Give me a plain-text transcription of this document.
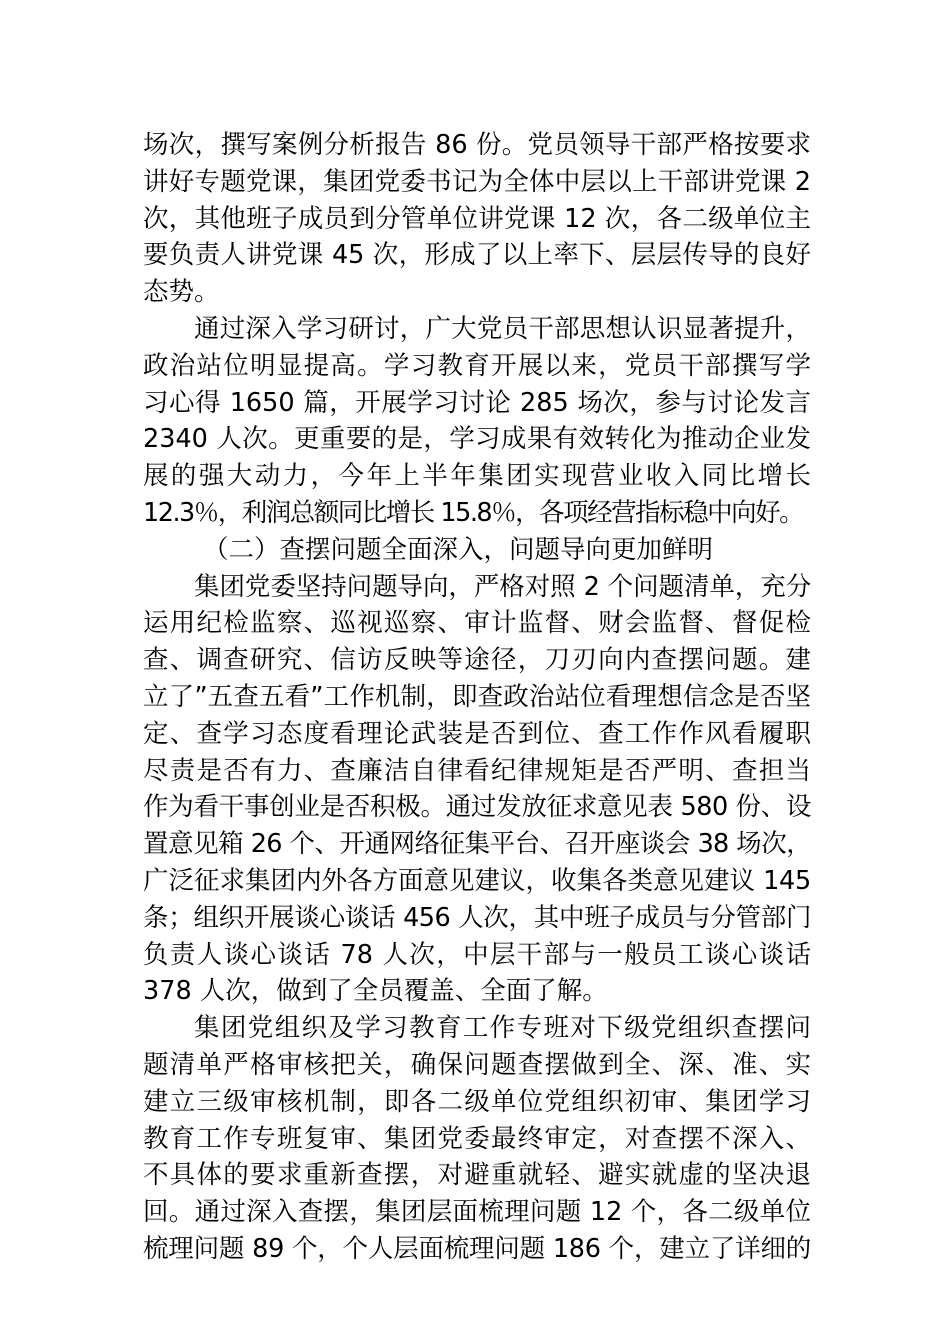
场次，撰写案例分析报告 86 份。党员领导干部严格按要求
讲好专题党课，集团党委书记为全体中层以上干部讲党课 2
次，其他班子成员到分管单位讲党课 12 次，各二级单位主
要负责人讲党课 45 次，形成了以上率下、层层传导的良好
态势。
通过深入学习研讨，广大党员干部思想认识显著提升，
政治站位明显提高。学习教育开展以来，党员干部撰写学
习心得 1650 篇，开展学习讨论 285 场次，参与讨论发言
2340 人次。更重要的是，学习成果有效转化为推动企业发
展的强大动力，今年上半年集团实现营业收入同比增长
12.3％，利润总额同比增长 15.8％，各项经营指标稳中向好。
（二）查摆问题全面深入，问题导向更加鲜明
集团党委坚持问题导向，严格对照 2 个问题清单，充分
运用纪检监察、巡视巡察、审计监督、财会监督、督促检
查、调查研究、信访反映等途径，刀刃向内查摆问题。建
立了”五查五看”工作机制，即查政治站位看理想信念是否坚
定、查学习态度看理论武装是否到位、查工作作风看履职
尽责是否有力、查廉洁自律看纪律规矩是否严明、查担当
作为看干事创业是否积极。通过发放征求意见表 580 份、设
置意见箱 26 个、开通网络征集平台、召开座谈会 38 场次，
广泛征求集团内外各方面意见建议，收集各类意见建议 145
条；组织开展谈心谈话 456 人次，其中班子成员与分管部门
负责人谈心谈话 78 人次，中层干部与一般员工谈心谈话
378 人次，做到了全员覆盖、全面了解。
集团党组织及学习教育工作专班对下级党组织查摆问
题清单严格审核把关，确保问题查摆做到全、深、准、实
建立三级审核机制，即各二级单位党组织初审、集团学习
教育工作专班复审、集团党委最终审定，对查摆不深入、
不具体的要求重新查摆，对避重就轻、避实就虚的坚决退
回。通过深入查摆，集团层面梳理问题 12 个，各二级单位
梳理问题 89 个，个人层面梳理问题 186 个，建立了详细的
